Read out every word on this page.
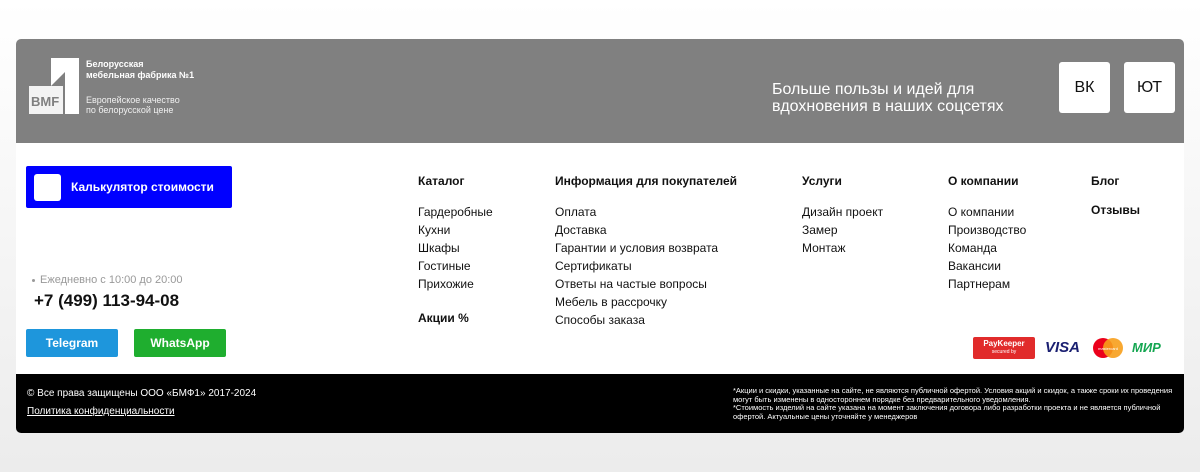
BMF
Белорусская
мебельная фабрика №1
Европейское качество
по белорусской цене
Больше пользы и идей для
вдохновения в наших соцсетях
ВК	ЮТ
Калькулятор стоимости
Ежедневно с 10:00 до 20:00
+7 (499) 113-94-08
Telegram	WhatsApp
Каталог
Гардеробные
Кухни
Шкафы
Гостиные
Прихожие
Акции %
Информация для покупателей
Оплата
Доставка
Гарантии и условия возврата
Сертификаты
Ответы на частые вопросы
Мебель в рассрочку
Способы заказа
Услуги
Дизайн проект
Замер
Монтаж
О компании
О компании
Производство
Команда
Вакансии
Партнерам
Блог
Отзывы
PayKeeper
secured by VISA	mastercard МИР
© Все права защищены ООО «БМФ1» 2017-2024
Политика конфиденциальности
*Акции и скидки, указанные на сайте, не являются публичной офертой. Условия акций и скидок, а также сроки их проведения могут быть изменены в одностороннем порядке без предварительного уведомления.
*Стоимость изделий на сайте указана на момент заключения договора либо разработки проекта и не является публичной офертой. Актуальные цены уточняйте у менеджеров
